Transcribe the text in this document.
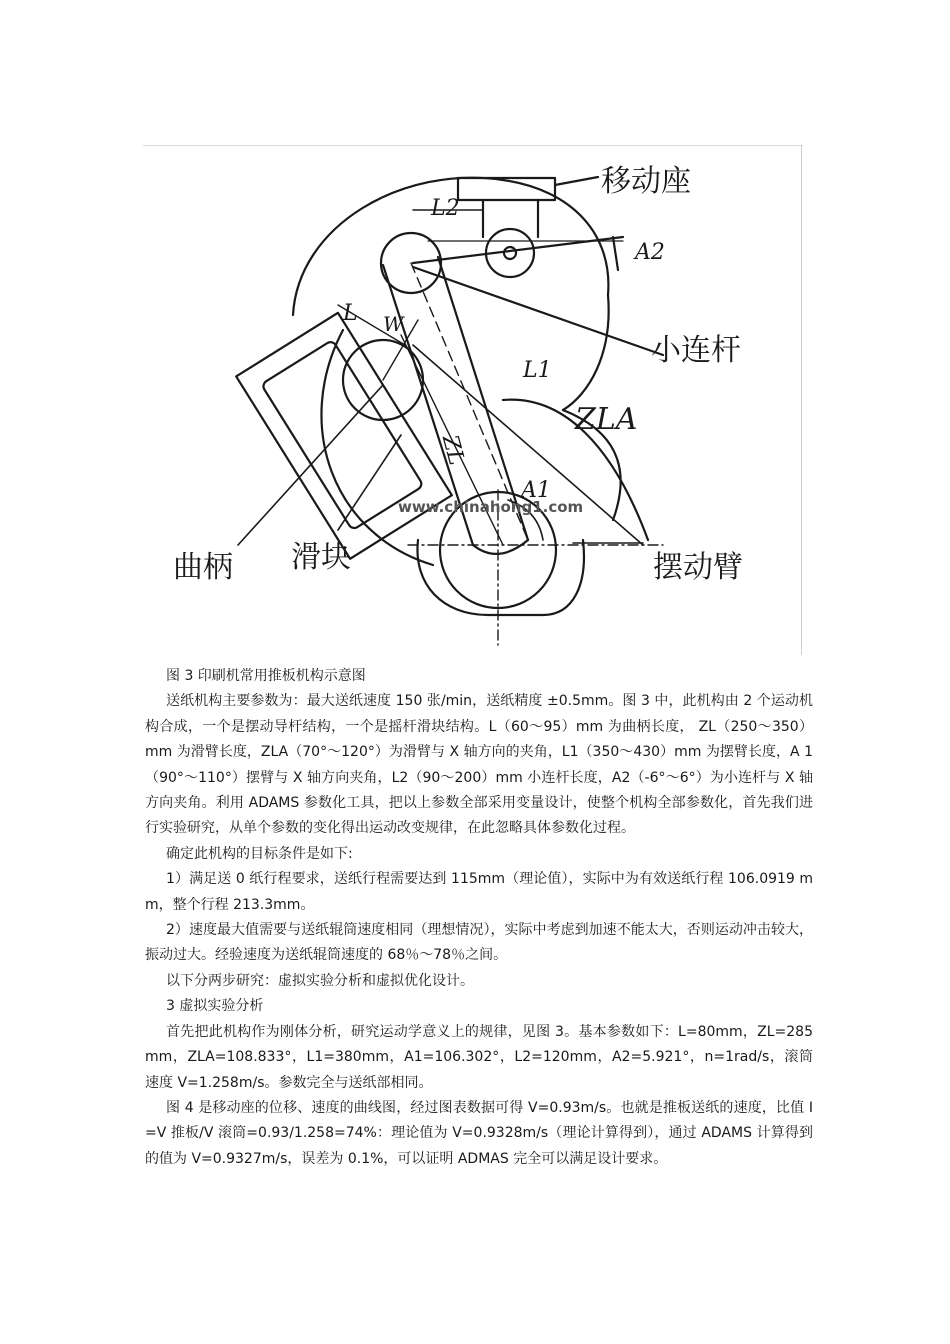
移动座
小连杆
曲柄 滑块	摆动臂
ZLA
L2
A2
L W
L1
ZL
A1
www.chinahong1.com

图 3 印刷机常用推板机构示意图

送纸机构主要参数为：最大送纸速度 150 张/min，送纸精度 ±0.5mm。图 3 中，此机构由 2 个运动机构合成，一个是摆动导杆结构，一个是摇杆滑块结构。L（60～95）mm 为曲柄长度， ZL（250～350）mm 为滑臂长度，ZLA（70°～120°）为滑臂与 X 轴方向的夹角，L1（350～430）mm 为摆臂长度，A 1（90°～110°）摆臂与 X 轴方向夹角，L2（90～200）mm 小连杆长度，A2（-6°～6°）为小连杆与 X 轴方向夹角。利用 ADAMS 参数化工具，把以上参数全部采用变量设计，使整个机构全部参数化，首先我们进行实验研究，从单个参数的变化得出运动改变规律，在此忽略具体参数化过程。

确定此机构的目标条件是如下:

1）满足送 0 纸行程要求，送纸行程需要达到 115mm（理论值），实际中为有效送纸行程 106.0919 mm，整个行程 213.3mm。

2）速度最大值需要与送纸辊筒速度相同（理想情况），实际中考虑到加速不能太大，否则运动冲击较大，振动过大。经验速度为送纸辊筒速度的 68％～78％之间。

以下分两步研究：虚拟实验分析和虚拟优化设计。

3 虚拟实验分析

首先把此机构作为刚体分析，研究运动学意义上的规律，见图 3。基本参数如下：L=80mm，ZL=285mm，ZLA=108.833°，L1=380mm，A1=106.302°，L2=120mm，A2=5.921°，n=1rad/s，滚筒速度 V=1.258m/s。参数完全与送纸部相同。

图 4 是移动座的位移、速度的曲线图，经过图表数据可得 V=0.93m/s。也就是推板送纸的速度，比值 I=V 推板/V 滚筒=0.93/1.258=74%：理论值为 V=0.9328m/s（理论计算得到），通过 ADAMS 计算得到的值为 V=0.9327m/s，误差为 0.1%，可以证明 ADMAS 完全可以满足设计要求。
